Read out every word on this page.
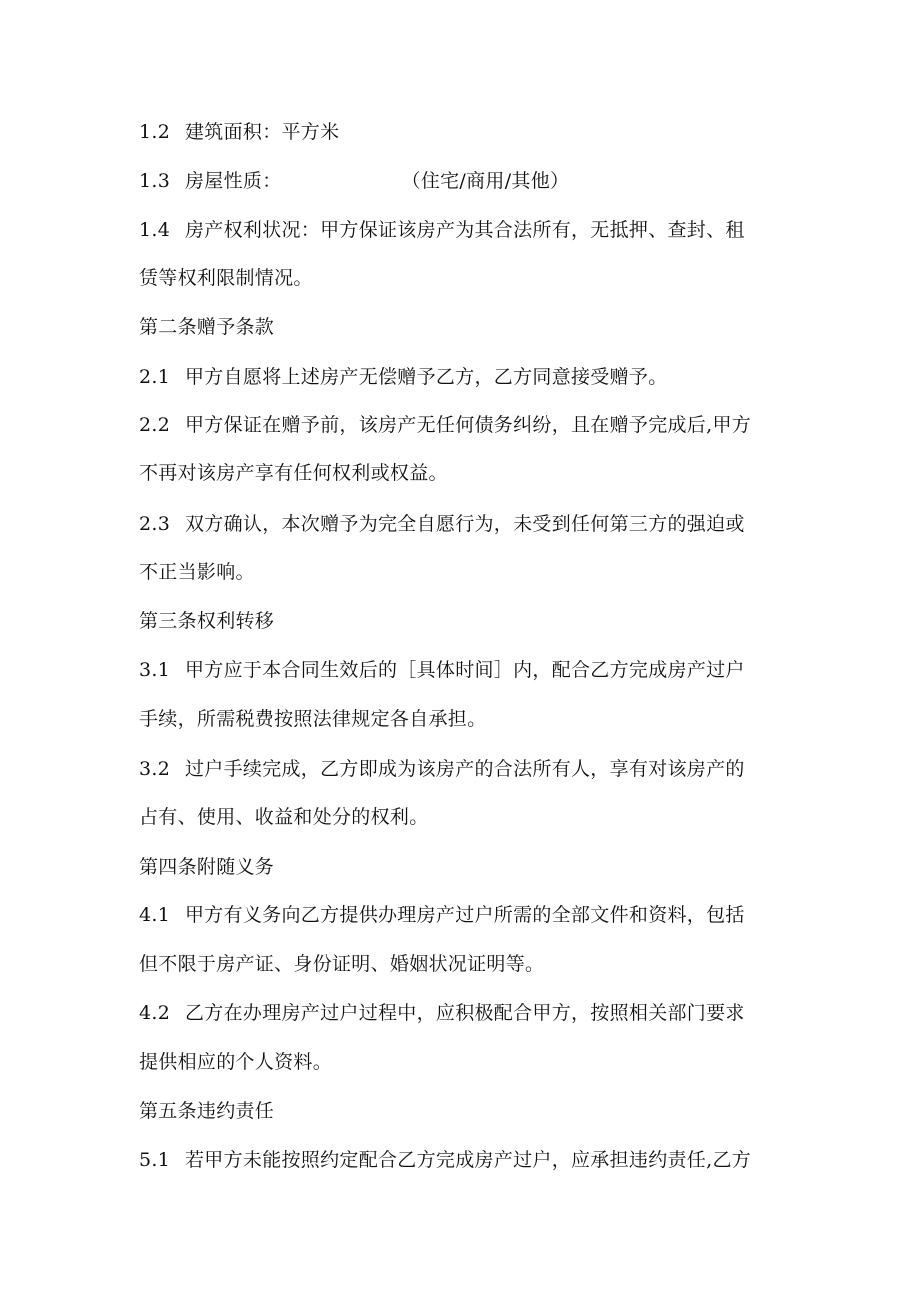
1.2 建筑面积：平方米
1.3 房屋性质：	（住宅/商用/其他）
1.4 房产权利状况：甲方保证该房产为其合法所有，无抵押、查封、租
赁等权利限制情况。
第二条赠予条款
2.1 甲方自愿将上述房产无偿赠予乙方，乙方同意接受赠予。
2.2 甲方保证在赠予前，该房产无任何债务纠纷，且在赠予完成后,甲方
不再对该房产享有任何权利或权益。
2.3 双方确认，本次赠予为完全自愿行为，未受到任何第三方的强迫或
不正当影响。
第三条权利转移
3.1 甲方应于本合同生效后的［具体时间］内，配合乙方完成房产过户
手续，所需税费按照法律规定各自承担。
3.2 过户手续完成，乙方即成为该房产的合法所有人，享有对该房产的
占有、使用、收益和处分的权利。
第四条附随义务
4.1 甲方有义务向乙方提供办理房产过户所需的全部文件和资料，包括
但不限于房产证、身份证明、婚姻状况证明等。
4.2 乙方在办理房产过户过程中，应积极配合甲方，按照相关部门要求
提供相应的个人资料。
第五条违约责任
5.1 若甲方未能按照约定配合乙方完成房产过户，应承担违约责任,乙方
